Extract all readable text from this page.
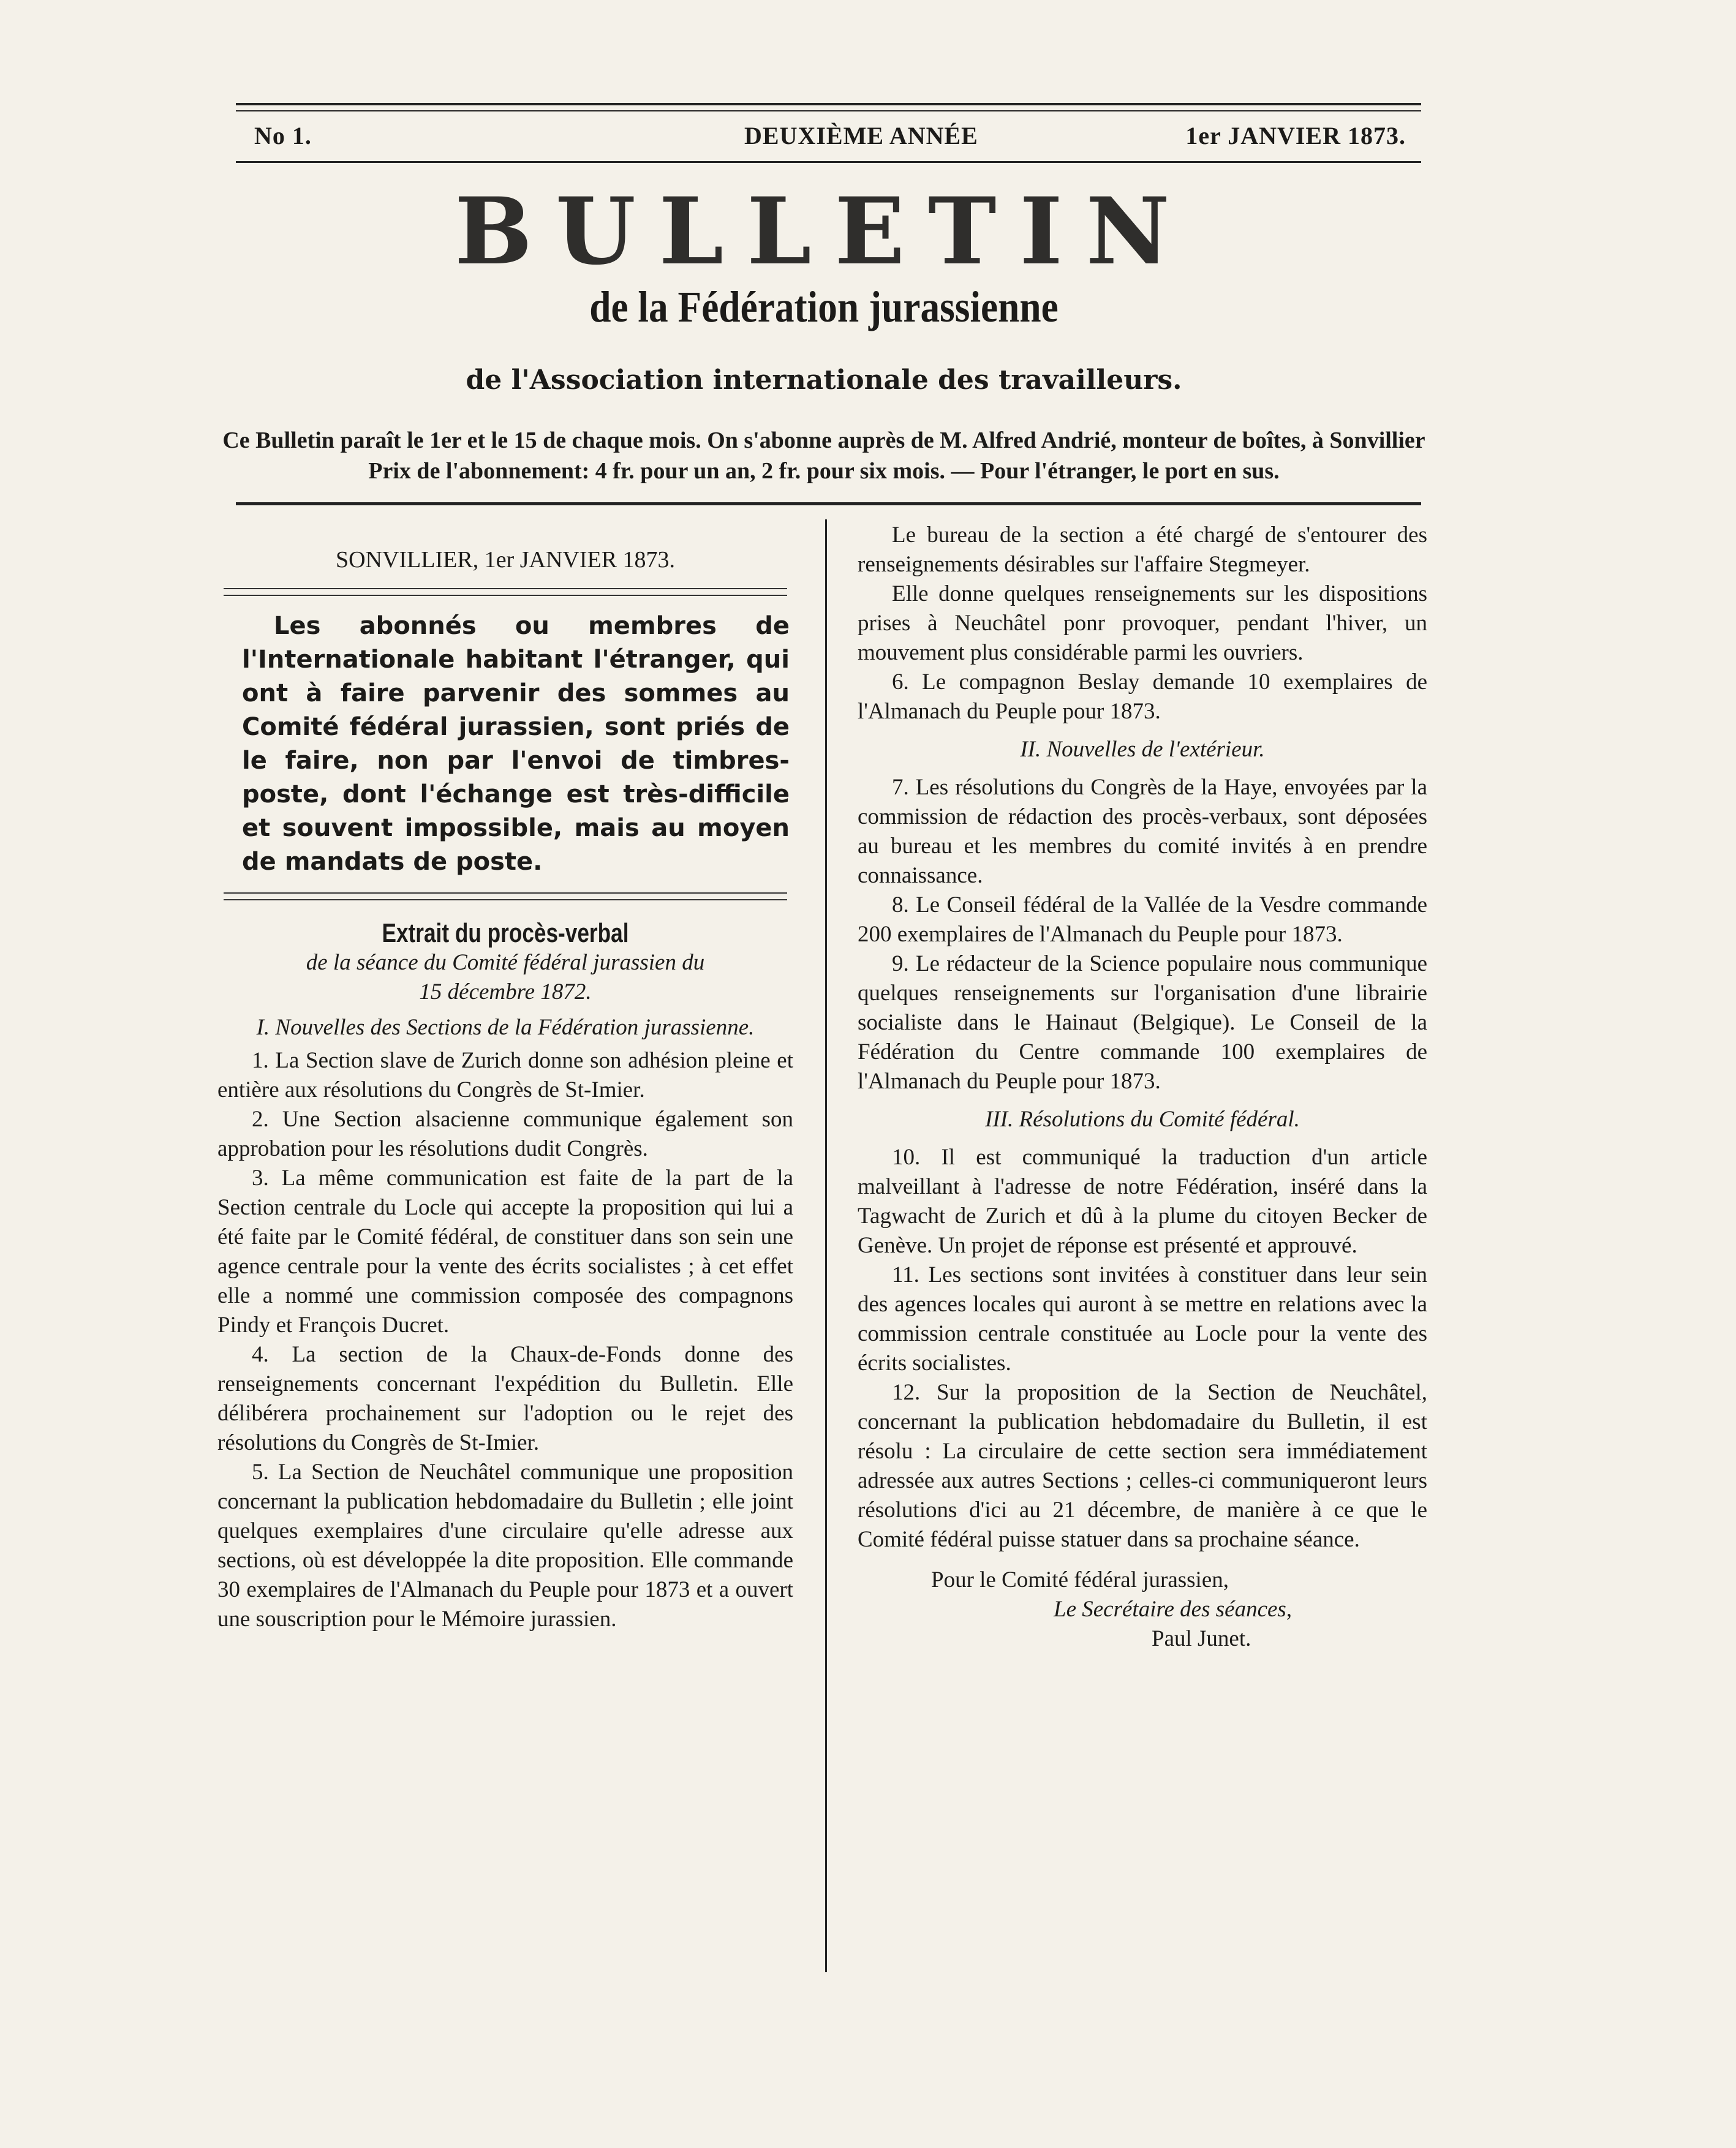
No 1.	DEUXIÈME ANNÉE	1er JANVIER 1873.
BULLETIN
de la Fédération jurassienne
de l'Association internationale des travailleurs.
Ce Bulletin paraît le 1er et le 15 de chaque mois. On s'abonne auprès de M. Alfred Andrié, monteur de boîtes, à Sonvillier
Prix de l'abonnement: 4 fr. pour un an, 2 fr. pour six mois. — Pour l'étranger, le port en sus.
SONVILLIER, 1er JANVIER 1873.
Les abonnés ou membres de l'Internationale habitant l'étranger, qui ont à faire parvenir des sommes au Comité fédéral jurassien, sont priés de le faire, non par l'envoi de timbres-poste, dont l'échange est très-difficile et souvent impossible, mais au moyen de mandats de poste.
Extrait du procès-verbal
de la séance du Comité fédéral jurassien du
15 décembre 1872.
I. Nouvelles des Sections de la Fédération jurassienne.

1. La Section slave de Zurich donne son adhésion pleine et entière aux résolutions du Congrès de St-Imier.

2. Une Section alsacienne communique également son approbation pour les résolutions dudit Congrès.

3. La même communication est faite de la part de la Section centrale du Locle qui accepte la proposition qui lui a été faite par le Comité fédéral, de constituer dans son sein une agence centrale pour la vente des écrits socialistes ; à cet effet elle a nommé une commission composée des compagnons Pindy et François Ducret.

4. La section de la Chaux-de-Fonds donne des renseignements concernant l'expédition du Bulletin. Elle délibérera prochainement sur l'adoption ou le rejet des résolutions du Congrès de St-Imier.

5. La Section de Neuchâtel communique une proposition concernant la publication hebdomadaire du Bulletin ; elle joint quelques exemplaires d'une circulaire qu'elle adresse aux sections, où est développée la dite proposition. Elle commande 30 exemplaires de l'Almanach du Peuple pour 1873 et a ouvert une souscription pour le Mémoire jurassien.

Le bureau de la section a été chargé de s'entourer des renseignements désirables sur l'affaire Stegmeyer.

Elle donne quelques renseignements sur les dispositions prises à Neuchâtel ponr provoquer, pendant l'hiver, un mouvement plus considérable parmi les ouvriers.

6. Le compagnon Beslay demande 10 exemplaires de l'Almanach du Peuple pour 1873.

II. Nouvelles de l'extérieur.

7. Les résolutions du Congrès de la Haye, envoyées par la commission de rédaction des procès-verbaux, sont déposées au bureau et les membres du comité invités à en prendre connaissance.

8. Le Conseil fédéral de la Vallée de la Vesdre commande 200 exemplaires de l'Almanach du Peuple pour 1873.

9. Le rédacteur de la Science populaire nous communique quelques renseignements sur l'organisation d'une librairie socialiste dans le Hainaut (Belgique). Le Conseil de la Fédération du Centre commande 100 exemplaires de l'Almanach du Peuple pour 1873.

III. Résolutions du Comité fédéral.

10. Il est communiqué la traduction d'un article malveillant à l'adresse de notre Fédération, inséré dans la Tagwacht de Zurich et dû à la plume du citoyen Becker de Genève. Un projet de réponse est présenté et approuvé.

11. Les sections sont invitées à constituer dans leur sein des agences locales qui auront à se mettre en relations avec la commission centrale constituée au Locle pour la vente des écrits socialistes.

12. Sur la proposition de la Section de Neuchâtel, concernant la publication hebdomadaire du Bulletin, il est résolu : La circulaire de cette section sera immédiatement adressée aux autres Sections ; celles-ci communiqueront leurs résolutions d'ici au 21 décembre, de manière à ce que le Comité fédéral puisse statuer dans sa prochaine séance.

Pour le Comité fédéral jurassien,
Le Secrétaire des séances,
Paul Junet.
